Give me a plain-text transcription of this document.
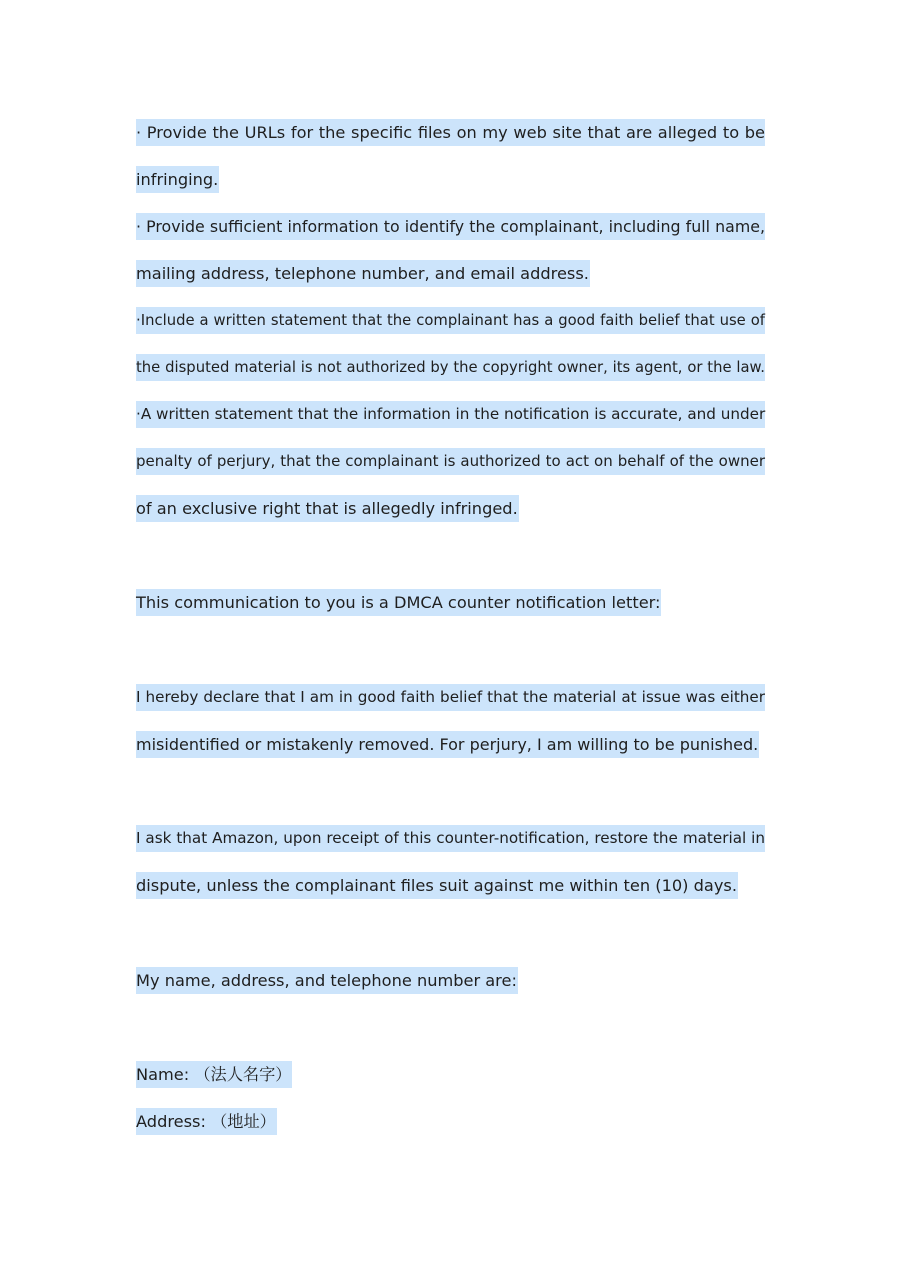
· Provide the URLs for the specific files on my web site that are alleged to be
infringing.
· Provide sufficient information to identify the complainant, including full name,
mailing address, telephone number, and email address.
·Include a written statement that the complainant has a good faith belief that use of
the disputed material is not authorized by the copyright owner, its agent, or the law.
·A written statement that the information in the notification is accurate, and under
penalty of perjury, that the complainant is authorized to act on behalf of the owner
of an exclusive right that is allegedly infringed.
This communication to you is a DMCA counter notification letter:
I hereby declare that I am in good faith belief that the material at issue was either
misidentified or mistakenly removed. For perjury, I am willing to be punished.
I ask that Amazon, upon receipt of this counter-notification, restore the material in
dispute, unless the complainant files suit against me within ten (10) days.
My name, address, and telephone number are:
Name: （法人名字）
Address: （地址）
